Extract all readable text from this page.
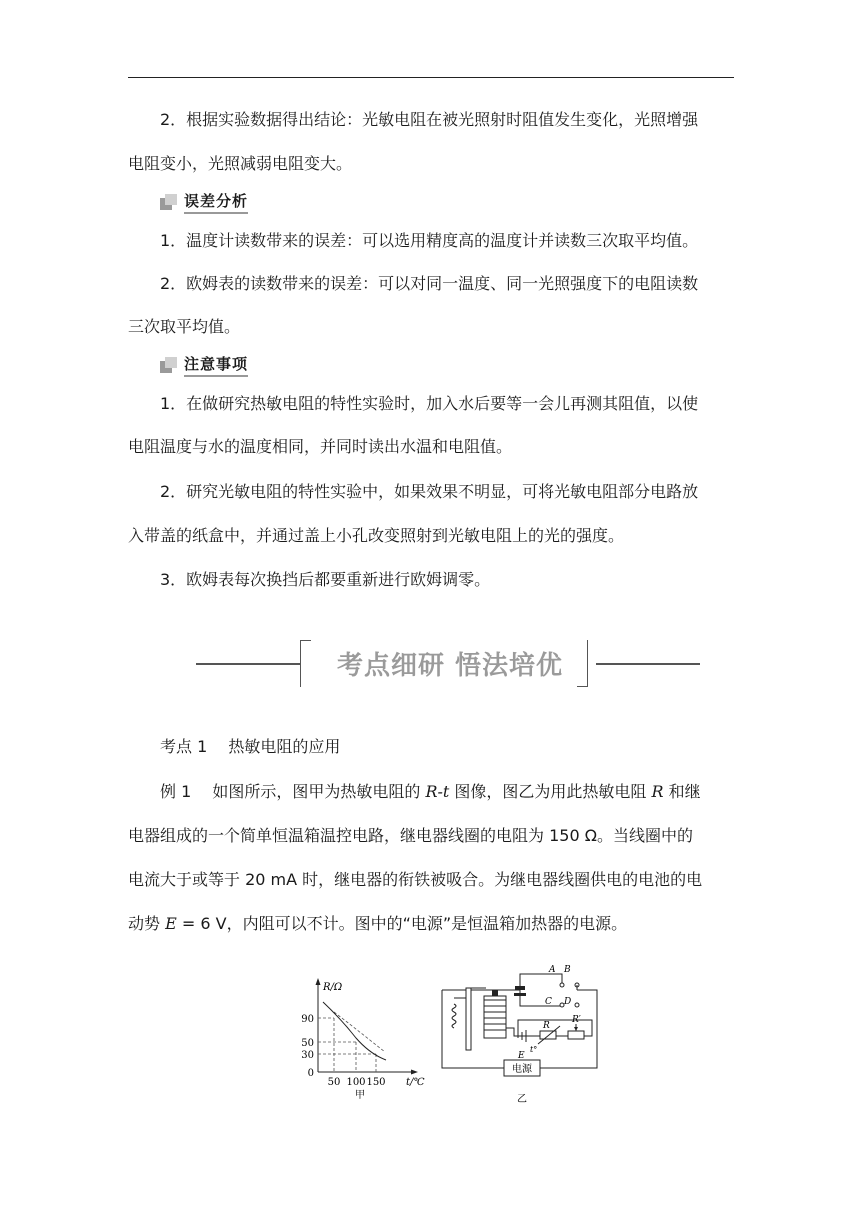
2．根据实验数据得出结论：光敏电阻在被光照射时阻值发生变化，光照增强
电阻变小，光照减弱电阻变大。
误差分析
1．温度计读数带来的误差：可以选用精度高的温度计并读数三次取平均值。
2．欧姆表的读数带来的误差：可以对同一温度、同一光照强度下的电阻读数
三次取平均值。
注意事项
1．在做研究热敏电阻的特性实验时，加入水后要等一会儿再测其阻值，以使
电阻温度与水的温度相同，并同时读出水温和电阻值。
2．研究光敏电阻的特性实验中，如果效果不明显，可将光敏电阻部分电路放
入带盖的纸盒中，并通过盖上小孔改变照射到光敏电阻上的光的强度。
3．欧姆表每次换挡后都要重新进行欧姆调零。
考点细研 悟法培优
考点 1　 热敏电阻的应用
例 1　 如图所示，图甲为热敏电阻的 R-t 图像，图乙为用此热敏电阻 R 和继
电器组成的一个简单恒温箱温控电路，继电器线圈的电阻为 150 Ω。当线圈中的
电流大于或等于 20 mA 时，继电器的衔铁被吸合。为继电器线圈供电的电池的电
动势 E = 6 V，内阻可以不计。图中的“电源”是恒温箱加热器的电源。
R/Ω
t/℃
90
50
30
0
50 100 150
甲
电源
A B
C D
R
R′
t°
E
乙
